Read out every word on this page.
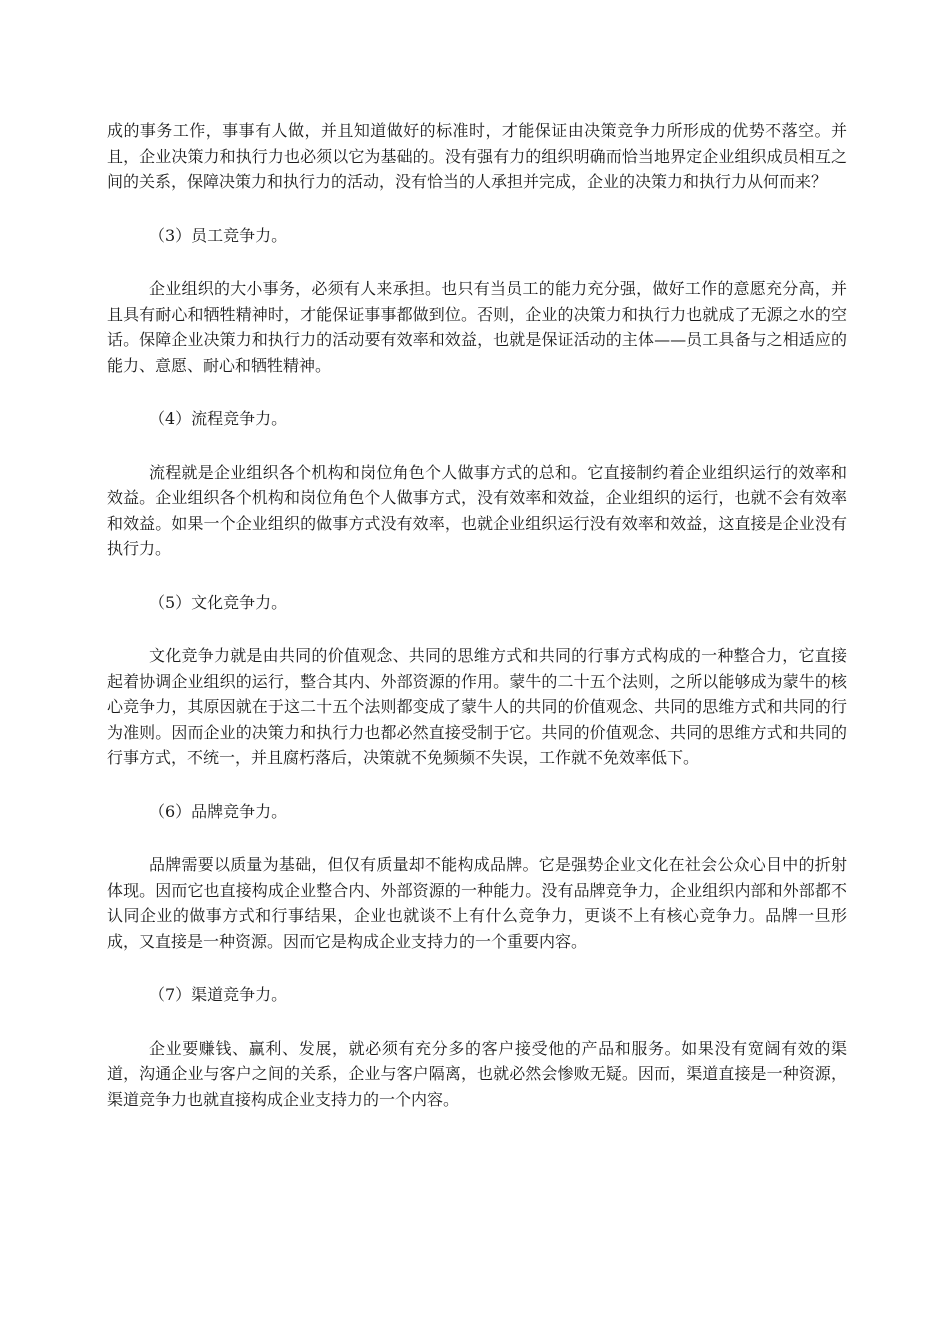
成的事务工作，事事有人做，并且知道做好的标准时，才能保证由决策竞争力所形成的优势不落空。并且，企业决策力和执行力也必须以它为基础的。没有强有力的组织明确而恰当地界定企业组织成员相互之间的关系，保障决策力和执行力的活动，没有恰当的人承担并完成，企业的决策力和执行力从何而来？

（3）员工竞争力。

企业组织的大小事务，必须有人来承担。也只有当员工的能力充分强，做好工作的意愿充分高，并且具有耐心和牺牲精神时，才能保证事事都做到位。否则，企业的决策力和执行力也就成了无源之水的空话。保障企业决策力和执行力的活动要有效率和效益，也就是保证活动的主体——员工具备与之相适应的能力、意愿、耐心和牺牲精神。

（4）流程竞争力。

流程就是企业组织各个机构和岗位角色个人做事方式的总和。它直接制约着企业组织运行的效率和效益。企业组织各个机构和岗位角色个人做事方式，没有效率和效益，企业组织的运行，也就不会有效率和效益。如果一个企业组织的做事方式没有效率，也就企业组织运行没有效率和效益，这直接是企业没有执行力。

（5）文化竞争力。

文化竞争力就是由共同的价值观念、共同的思维方式和共同的行事方式构成的一种整合力，它直接起着协调企业组织的运行，整合其内、外部资源的作用。蒙牛的二十五个法则，之所以能够成为蒙牛的核心竞争力，其原因就在于这二十五个法则都变成了蒙牛人的共同的价值观念、共同的思维方式和共同的行为准则。因而企业的决策力和执行力也都必然直接受制于它。共同的价值观念、共同的思维方式和共同的行事方式，不统一，并且腐朽落后，决策就不免频频不失误，工作就不免效率低下。

（6）品牌竞争力。

品牌需要以质量为基础，但仅有质量却不能构成品牌。它是强势企业文化在社会公众心目中的折射体现。因而它也直接构成企业整合内、外部资源的一种能力。没有品牌竞争力，企业组织内部和外部都不认同企业的做事方式和行事结果，企业也就谈不上有什么竞争力，更谈不上有核心竞争力。品牌一旦形成，又直接是一种资源。因而它是构成企业支持力的一个重要内容。

（7）渠道竞争力。

企业要赚钱、赢利、发展，就必须有充分多的客户接受他的产品和服务。如果没有宽阔有效的渠道，沟通企业与客户之间的关系，企业与客户隔离，也就必然会惨败无疑。因而，渠道直接是一种资源，渠道竞争力也就直接构成企业支持力的一个内容。
